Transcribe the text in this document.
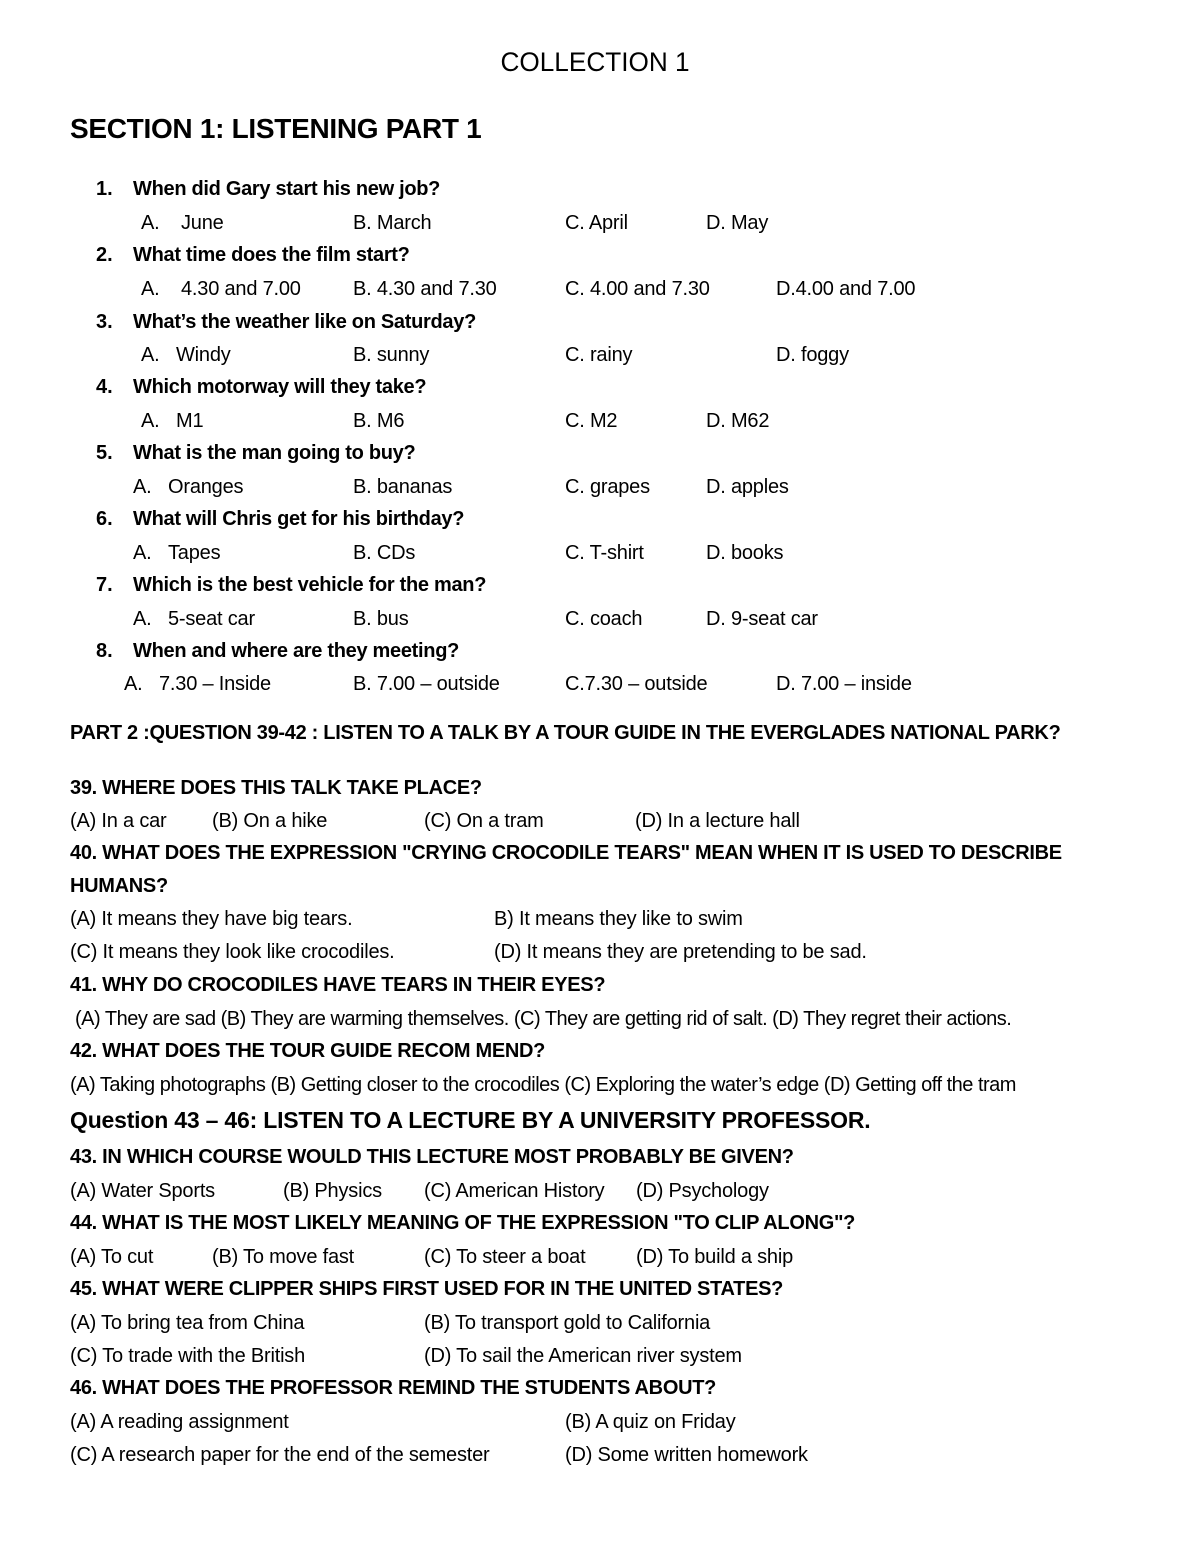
COLLECTION 1
SECTION 1: LISTENING PART 1
1. When did Gary start his new job?
A. June	B. March	C. April	D. May
2. What time does the film start?
A. 4.30 and 7.00	B. 4.30 and 7.30	C. 4.00 and 7.30	D.4.00 and 7.00
3. What’s the weather like on Saturday?
A. Windy	B. sunny	C. rainy	D. foggy
4. Which motorway will they take?
A. M1	B. M6	C. M2	D. M62
5. What is the man going to buy?
A. Oranges	B. bananas	C. grapes	D. apples
6. What will Chris get for his birthday?
A. Tapes	B. CDs	C. T-shirt	D. books
7. Which is the best vehicle for the man?
A. 5-seat car	B. bus	C. coach	D. 9-seat car
8. When and where are they meeting?
A. 7.30 – Inside	B. 7.00 – outside	C.7.30 – outside	D. 7.00 – inside
PART 2 :QUESTION 39-42 : LISTEN TO A TALK BY A TOUR GUIDE IN THE EVERGLADES NATIONAL PARK?
39. WHERE DOES THIS TALK TAKE PLACE?
(A) In a car (B) On a hike	(C) On a tram	(D) In a lecture hall
40. WHAT DOES THE EXPRESSION "CRYING CROCODILE TEARS" MEAN WHEN IT IS USED TO DESCRIBE
HUMANS?
(A) It means they have big tears.	B) It means they like to swim
(C) It means they look like crocodiles.	(D) It means they are pretending to be sad.
41. WHY DO CROCODILES HAVE TEARS IN THEIR EYES?
(A) They are sad (B) They are warming themselves. (C) They are getting rid of salt. (D) They regret their actions.
42. WHAT DOES THE TOUR GUIDE RECOM MEND?
(A) Taking photographs (B) Getting closer to the crocodiles (C) Exploring the water’s edge (D) Getting off the tram
Question 43 – 46: LISTEN TO A LECTURE BY A UNIVERSITY PROFESSOR.
43. IN WHICH COURSE WOULD THIS LECTURE MOST PROBABLY BE GIVEN?
(A) Water Sports	(B) Physics (C) American History (D) Psychology
44. WHAT IS THE MOST LIKELY MEANING OF THE EXPRESSION "TO CLIP ALONG"?
(A) To cut	(B) To move fast	(C) To steer a boat	(D) To build a ship
45. WHAT WERE CLIPPER SHIPS FIRST USED FOR IN THE UNITED STATES?
(A) To bring tea from China	(B) To transport gold to California
(C) To trade with the British	(D) To sail the American river system
46. WHAT DOES THE PROFESSOR REMIND THE STUDENTS ABOUT?
(A) A reading assignment	(B) A quiz on Friday
(C) A research paper for the end of the semester	(D) Some written homework
